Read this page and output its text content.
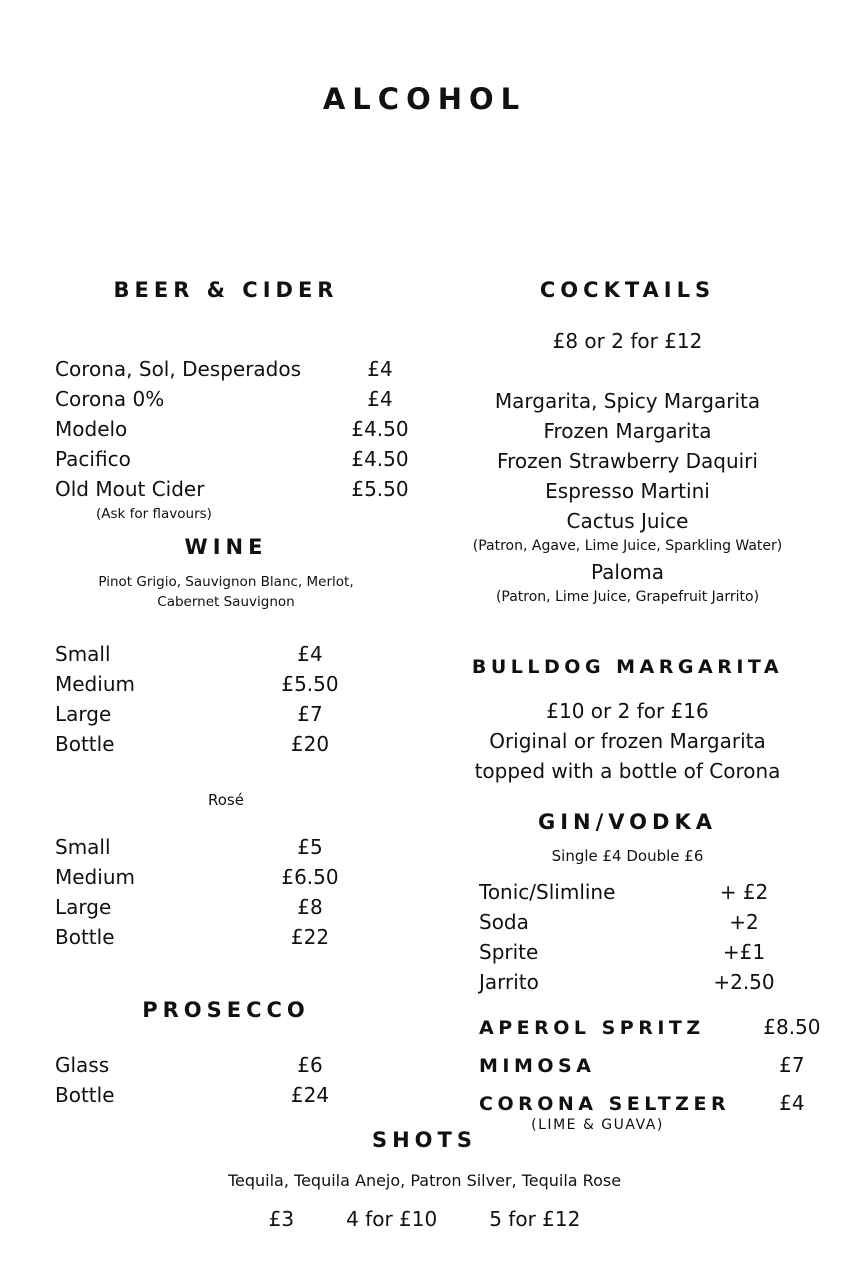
ALCOHOL
BEER & CIDER
Corona, Sol, Desperados	£4
Corona 0%	£4
Modelo	£4.50
Pacifico	£4.50
Old Mout Cider	£5.50
(Ask for flavours)
WINE
Pinot Grigio, Sauvignon Blanc, Merlot,
Cabernet Sauvignon
Small	£4
Medium	£5.50
Large	£7
Bottle	£20
Rosé
Small	£5
Medium	£6.50
Large	£8
Bottle	£22
PROSECCO
Glass	£6
Bottle	£24
COCKTAILS
£8 or 2 for £12
Margarita, Spicy Margarita
Frozen Margarita
Frozen Strawberry Daquiri
Espresso Martini
Cactus Juice
(Patron, Agave, Lime Juice, Sparkling Water)
Paloma
(Patron, Lime Juice, Grapefruit Jarrito)
BULLDOG MARGARITA
£10 or 2 for £16
Original or frozen Margarita
topped with a bottle of Corona
GIN/VODKA
Single £4 Double £6
Tonic/Slimline	+ £2
Soda	+2
Sprite	+£1
Jarrito	+2.50
APEROL SPRITZ	£8.50
MIMOSA	£7
CORONA SELTZER	£4
(LIME & GUAVA)
SHOTS
Tequila, Tequila Anejo, Patron Silver, Tequila Rose
£3	4 for £10	5 for £12
